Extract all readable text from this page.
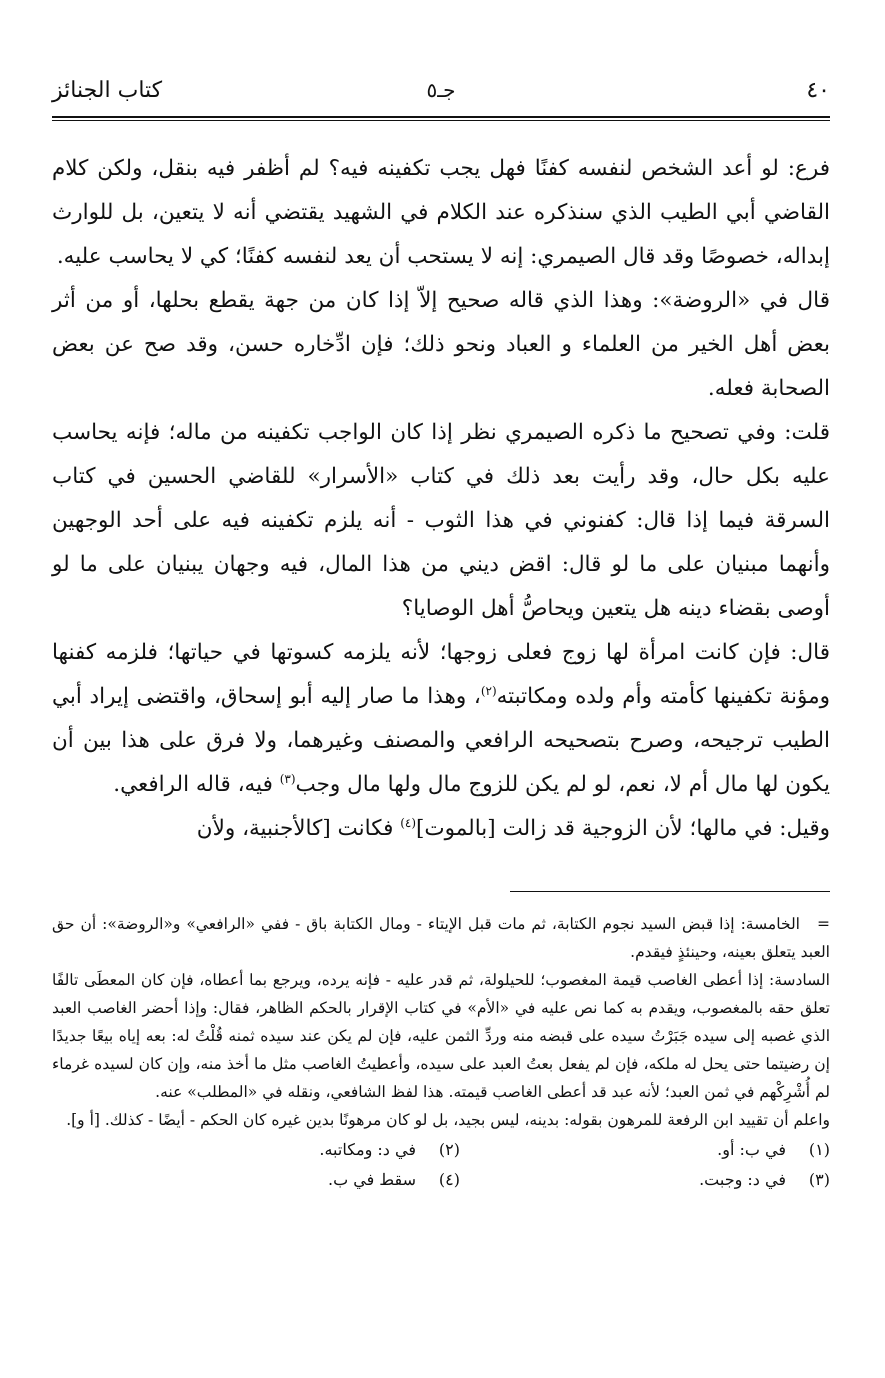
٤٠
جـ٥
كتاب الجنائز

فرع: لو أعد الشخص لنفسه كفنًا فهل يجب تكفينه فيه؟ لم أظفر فيه بنقل، ولكن كلام القاضي أبي الطيب الذي سنذكره عند الكلام في الشهيد يقتضي أنه لا يتعين، بل للوارث إبداله، خصوصًا وقد قال الصيمري: إنه لا يستحب أن يعد لنفسه كفنًا؛ كي لا يحاسب عليه.

قال في «الروضة»: وهذا الذي قاله صحيح إلاّ إذا كان من جهة يقطع بحلها، أو من أثر بعض أهل الخير من العلماء و العباد ونحو ذلك؛ فإن ادِّخاره حسن، وقد صح عن بعض الصحابة فعله.

قلت: وفي تصحيح ما ذكره الصيمري نظر إذا كان الواجب تكفينه من ماله؛ فإنه يحاسب عليه بكل حال، وقد رأيت بعد ذلك في كتاب «الأسرار» للقاضي الحسين في كتاب السرقة فيما إذا قال: كفنوني في هذا الثوب - أنه يلزم تكفينه فيه على أحد الوجهين وأنهما مبنيان على ما لو قال: اقض ديني من هذا المال، فيه وجهان يبنيان على ما لو أوصى بقضاء دينه هل يتعين ويحاصُّ أهل الوصايا؟

قال: فإن كانت امرأة لها زوج فعلى زوجها؛ لأنه يلزمه كسوتها في حياتها؛ فلزمه كفنها ومؤنة تكفينها كأمته وأم ولده ومكاتبته$^{(٢)}$، وهذا ما صار إليه أبو إسحاق، واقتضى إيراد أبي الطيب ترجيحه، وصرح بتصحيحه الرافعي والمصنف وغيرهما، ولا فرق على هذا بين أن يكون لها مال أم لا، نعم، لو لم يكن للزوج مال ولها مال وجب$^{(٣)}$ فيه، قاله الرافعي.

وقيل: في مالها؛ لأن الزوجية قد زالت [بالموت]$^{(٤)}$ فكانت [كالأجنبية، ولأن

=الخامسة: إذا قبض السيد نجوم الكتابة، ثم مات قبل الإيتاء - ومال الكتابة باق - ففي «الرافعي» و«الروضة»: أن حق العبد يتعلق بعينه، وحينئذٍ فيقدم.

السادسة: إذا أعطى الغاصب قيمة المغصوب؛ للحيلولة، ثم قدر عليه - فإنه يرده، ويرجع بما أعطاه، فإن كان المعطَى تالفًا تعلق حقه بالمغصوب، ويقدم به كما نص عليه في «الأم» في كتاب الإقرار بالحكم الظاهر، فقال: وإذا أحضر الغاصب العبد الذي غصبه إلى سيده جَبَرْتُ سيده على قبضه منه وردِّ الثمن عليه، فإن لم يكن عند سيده ثمنه قُلْتُ له: بعه إياه بيعًا جديدًا إن رضيتما حتى يحل له ملكه، فإن لم يفعل بعتُ العبد على سيده، وأعطيتُ الغاصب مثل ما أخذ منه، وإن كان لسيده غرماء لم أُشْرِكْهم في ثمن العبد؛ لأنه عبد قد أعطى الغاصب قيمته. هذا لفظ الشافعي، ونقله في «المطلب» عنه.

واعلم أن تقييد ابن الرفعة للمرهون بقوله: بدينه، ليس بجيد، بل لو كان مرهونًا بدين غيره كان الحكم - أيضًا - كذلك. [أ و].

(١)
في ب: أو.
(٢)
في د: ومكاتبه.
(٣)
في د: وجبت.
(٤)
سقط في ب.
